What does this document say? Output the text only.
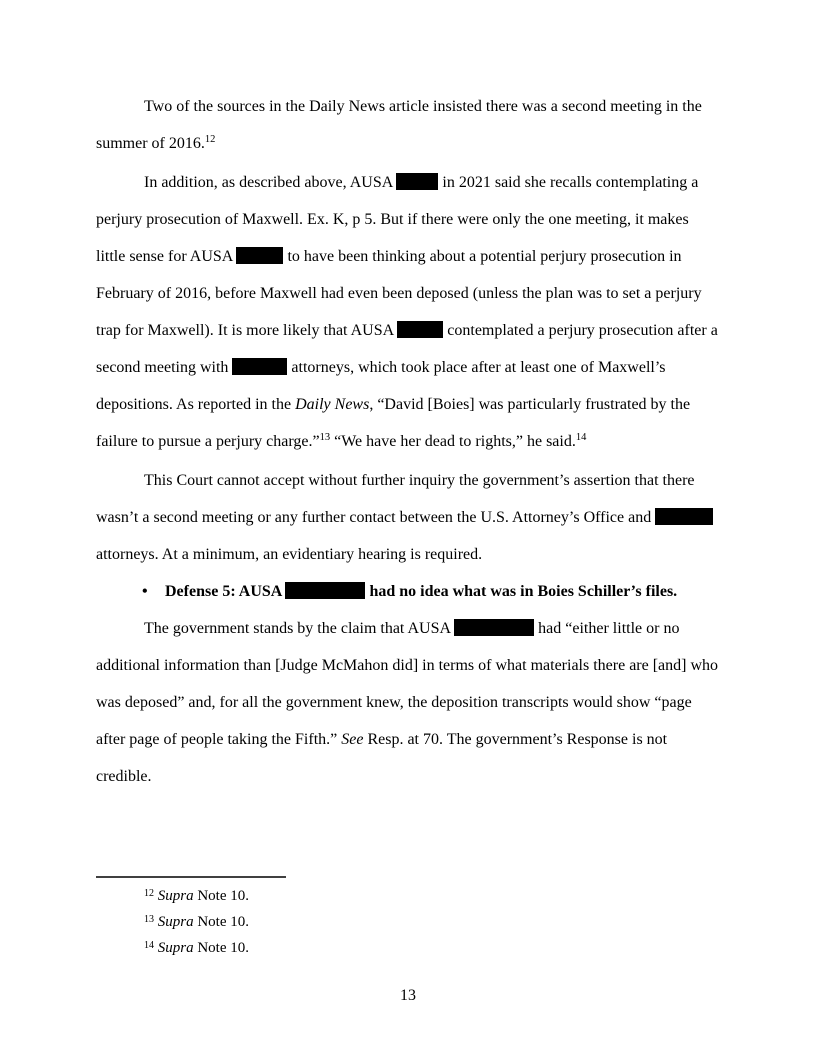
Two of the sources in the Daily News article insisted there was a second meeting in the summer of 2016.12

In addition, as described above, AUSA	in 2021 said she recalls contemplating a perjury prosecution of Maxwell. Ex. K, p 5. But if there were only the one meeting, it makes little sense for AUSA	to have been thinking about a potential perjury prosecution in February of 2016, before Maxwell had even been deposed (unless the plan was to set a perjury trap for Maxwell). It is more likely that AUSA	contemplated a perjury prosecution after a second meeting with	attorneys, which took place after at least one of Maxwell’s depositions. As reported in the Daily News, “David [Boies] was particularly frustrated by the failure to pursue a perjury charge.”$^{13}$ “We have her dead to rights,” he said.$^{14}$

This Court cannot accept without further inquiry the government’s assertion that there wasn’t a second meeting or any further contact between the U.S. Attorney’s Office and  attorneys. At a minimum, an evidentiary hearing is required.

• Defense 5: AUSA	had no idea what was in Boies Schiller’s files.

The government stands by the claim that AUSA	had “either little or no additional information than [Judge McMahon did] in terms of what materials there are [and] who was deposed” and, for all the government knew, the deposition transcripts would show “page after page of people taking the Fifth.” See Resp. at 70. The government’s Response is not credible.

$^{12}$ Supra Note 10.

$^{13}$ Supra Note 10.

$^{14}$ Supra Note 10.

13
